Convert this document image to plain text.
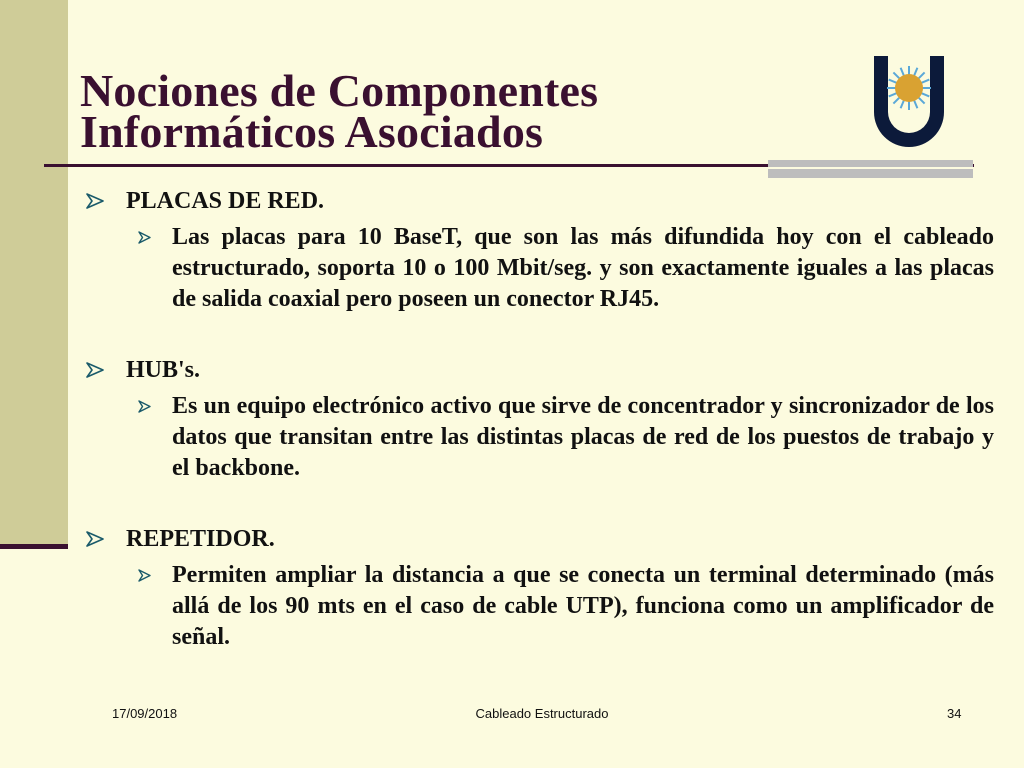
Nociones de Componentes
Informáticos Asociados
PLACAS DE RED.
Las placas para 10 BaseT, que son las más difundida hoy con el cableado estructurado, soporta 10 o 100 Mbit/seg. y son exactamente iguales a las placas de salida coaxial pero poseen un conector RJ45.
HUB's.
Es un equipo electrónico activo que sirve de concentrador y sincronizador de los datos que transitan entre las distintas placas de red de los puestos de trabajo y el backbone.
REPETIDOR.
Permiten ampliar la distancia a que se conecta un terminal determinado (más allá de los 90 mts en el caso de cable UTP), funciona como un amplificador de señal.
17/09/2018	Cableado Estructurado	34
